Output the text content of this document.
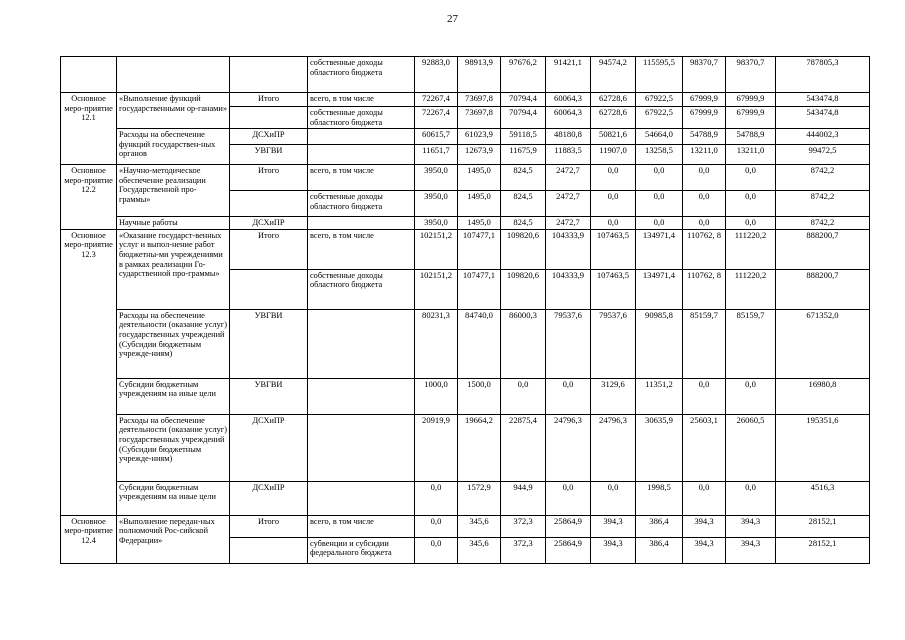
27
			собственные доходы областного бюджета	92883,0	98913,9	97676,2	91421,1	94574,2	115595,5	98370,7	98370,7	787805,3
Основное меро-приятие 12.1	«Выполнение функций государственными ор-ганами»	Итого	всего, в том числе	72267,4	73697,8	70794,4	60064,3	62728,6	67922,5	67999,9	67999,9	543474,8
			собственные доходы областного бюджета	72267,4	73697,8	70794,4	60064,3	62728,6	67922,5	67999,9	67999,9	543474,8
	Расходы на обеспечение функций государствен-ных органов	ДСХиПР		60615,7	61023,9	59118,5	48180,8	50821,6	54664,0	54788,9	54788,9	444002,3
		УВГВИ		11651,7	12673,9	11675,9	11883,5	11907,0	13258,5	13211,0	13211,0	99472,5
Основное меро-приятие 12.2	«Научно-методическое обеспечение реализации Государственной про-граммы»	Итого	всего, в том числе	3950,0	1495,0	824,5	2472,7	0,0	0,0	0,0	0,0	8742,2
			собственные доходы областного бюджета	3950,0	1495,0	824,5	2472,7	0,0	0,0	0,0	0,0	8742,2
	Научные работы	ДСХиПР		3950,0	1495,0	824,5	2472,7	0,0	0,0	0,0	0,0	8742,2
Основное меро-приятие 12.3	«Оказание государст-венных услуг и выпол-нение работ бюджетны-ми учреждениями в рамках реализации Го-сударственной про-граммы»	Итого	всего, в том числе	102151,2	107477,1	109820,6	104333,9	107463,5	134971,4	110762, 8	111220,2	888200,7
			собственные доходы областного бюджета	102151,2	107477,1	109820,6	104333,9	107463,5	134971,4	110762, 8	111220,2	888200,7
	Расходы на обеспечение деятельности (оказание услуг) государственных учреждений (Субсидии бюджетным учрежде-ниям)	УВГВИ		80231,3	84740,0	86000,3	79537,6	79537,6	90985,8	85159,7	85159,7	671352,0
	Субсидии бюджетным учреждениям на иные цели	УВГВИ		1000,0	1500,0	0,0	0,0	3129,6	11351,2	0,0	0,0	16980,8
	Расходы на обеспечение деятельности (оказание услуг) государственных учреждений (Субсидии бюджетным учрежде-ниям)	ДСХиПР		20919,9	19664,2	22875,4	24796,3	24796,3	30635,9	25603,1	26060,5	195351,6
	Субсидии бюджетным учреждениям на иные цели	ДСХиПР		0,0	1572,9	944,9	0,0	0,0	1998,5	0,0	0,0	4516,3
Основное меро-приятие 12.4	«Выполнение передан-ных полномочий Рос-сийской Федерации»	Итого	всего, в том числе	0,0	345,6	372,3	25864,9	394,3	386,4	394,3	394,3	28152,1
			субвенции и субсидии федерального бюджета	0,0	345,6	372,3	25864,9	394,3	386,4	394,3	394,3	28152,1
